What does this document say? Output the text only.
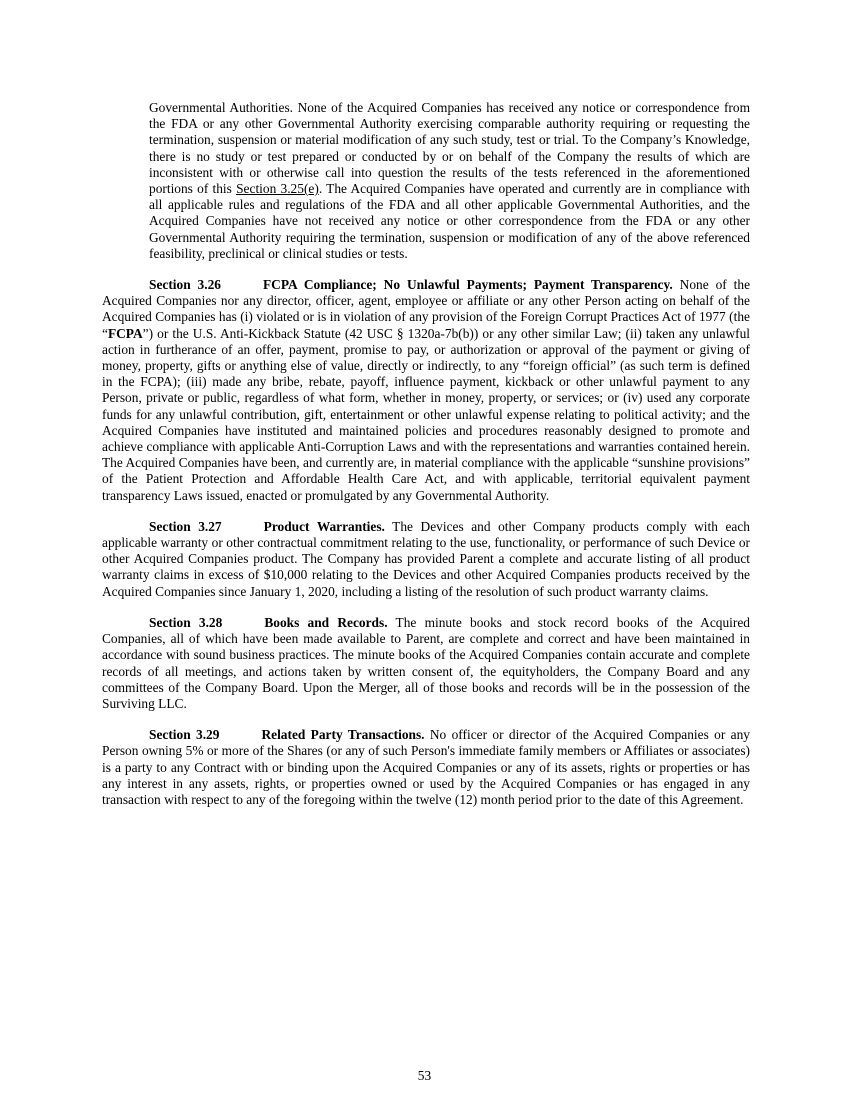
Governmental Authorities. None of the Acquired Companies has received any notice or correspondence from the FDA or any other Governmental Authority exercising comparable authority requiring or requesting the termination, suspension or material modification of any such study, test or trial. To the Company’s Knowledge, there is no study or test prepared or conducted by or on behalf of the Company the results of which are inconsistent with or otherwise call into question the results of the tests referenced in the aforementioned portions of this Section 3.25(e). The Acquired Companies have operated and currently are in compliance with all applicable rules and regulations of the FDA and all other applicable Governmental Authorities, and the Acquired Companies have not received any notice or other correspondence from the FDA or any other Governmental Authority requiring the termination, suspension or modification of any of the above referenced feasibility, preclinical or clinical studies or tests.

Section 3.26	FCPA Compliance; No Unlawful Payments; Payment Transparency. None of the Acquired Companies nor any director, officer, agent, employee or affiliate or any other Person acting on behalf of the Acquired Companies has (i) violated or is in violation of any provision of the Foreign Corrupt Practices Act of 1977 (the “FCPA”) or the U.S. Anti-Kickback Statute (42 USC § 1320a-7b(b)) or any other similar Law; (ii) taken any unlawful action in furtherance of an offer, payment, promise to pay, or authorization or approval of the payment or giving of money, property, gifts or anything else of value, directly or indirectly, to any “foreign official” (as such term is defined in the FCPA); (iii) made any bribe, rebate, payoff, influence payment, kickback or other unlawful payment to any Person, private or public, regardless of what form, whether in money, property, or services; or (iv) used any corporate funds for any unlawful contribution, gift, entertainment or other unlawful expense relating to political activity; and the Acquired Companies have instituted and maintained policies and procedures reasonably designed to promote and achieve compliance with applicable Anti-Corruption Laws and with the representations and warranties contained herein. The Acquired Companies have been, and currently are, in material compliance with the applicable “sunshine provisions” of the Patient Protection and Affordable Health Care Act, and with applicable, territorial equivalent payment transparency Laws issued, enacted or promulgated by any Governmental Authority.

Section 3.27	Product Warranties. The Devices and other Company products comply with each applicable warranty or other contractual commitment relating to the use, functionality, or performance of such Device or other Acquired Companies product. The Company has provided Parent a complete and accurate listing of all product warranty claims in excess of $10,000 relating to the Devices and other Acquired Companies products received by the Acquired Companies since January 1, 2020, including a listing of the resolution of such product warranty claims.

Section 3.28	Books and Records. The minute books and stock record books of the Acquired Companies, all of which have been made available to Parent, are complete and correct and have been maintained in accordance with sound business practices. The minute books of the Acquired Companies contain accurate and complete records of all meetings, and actions taken by written consent of, the equityholders, the Company Board and any committees of the Company Board. Upon the Merger, all of those books and records will be in the possession of the Surviving LLC.

Section 3.29	Related Party Transactions. No officer or director of the Acquired Companies or any Person owning 5% or more of the Shares (or any of such Person's immediate family members or Affiliates or associates) is a party to any Contract with or binding upon the Acquired Companies or any of its assets, rights or properties or has any interest in any assets, rights, or properties owned or used by the Acquired Companies or has engaged in any transaction with respect to any of the foregoing within the twelve (12) month period prior to the date of this Agreement.

53
